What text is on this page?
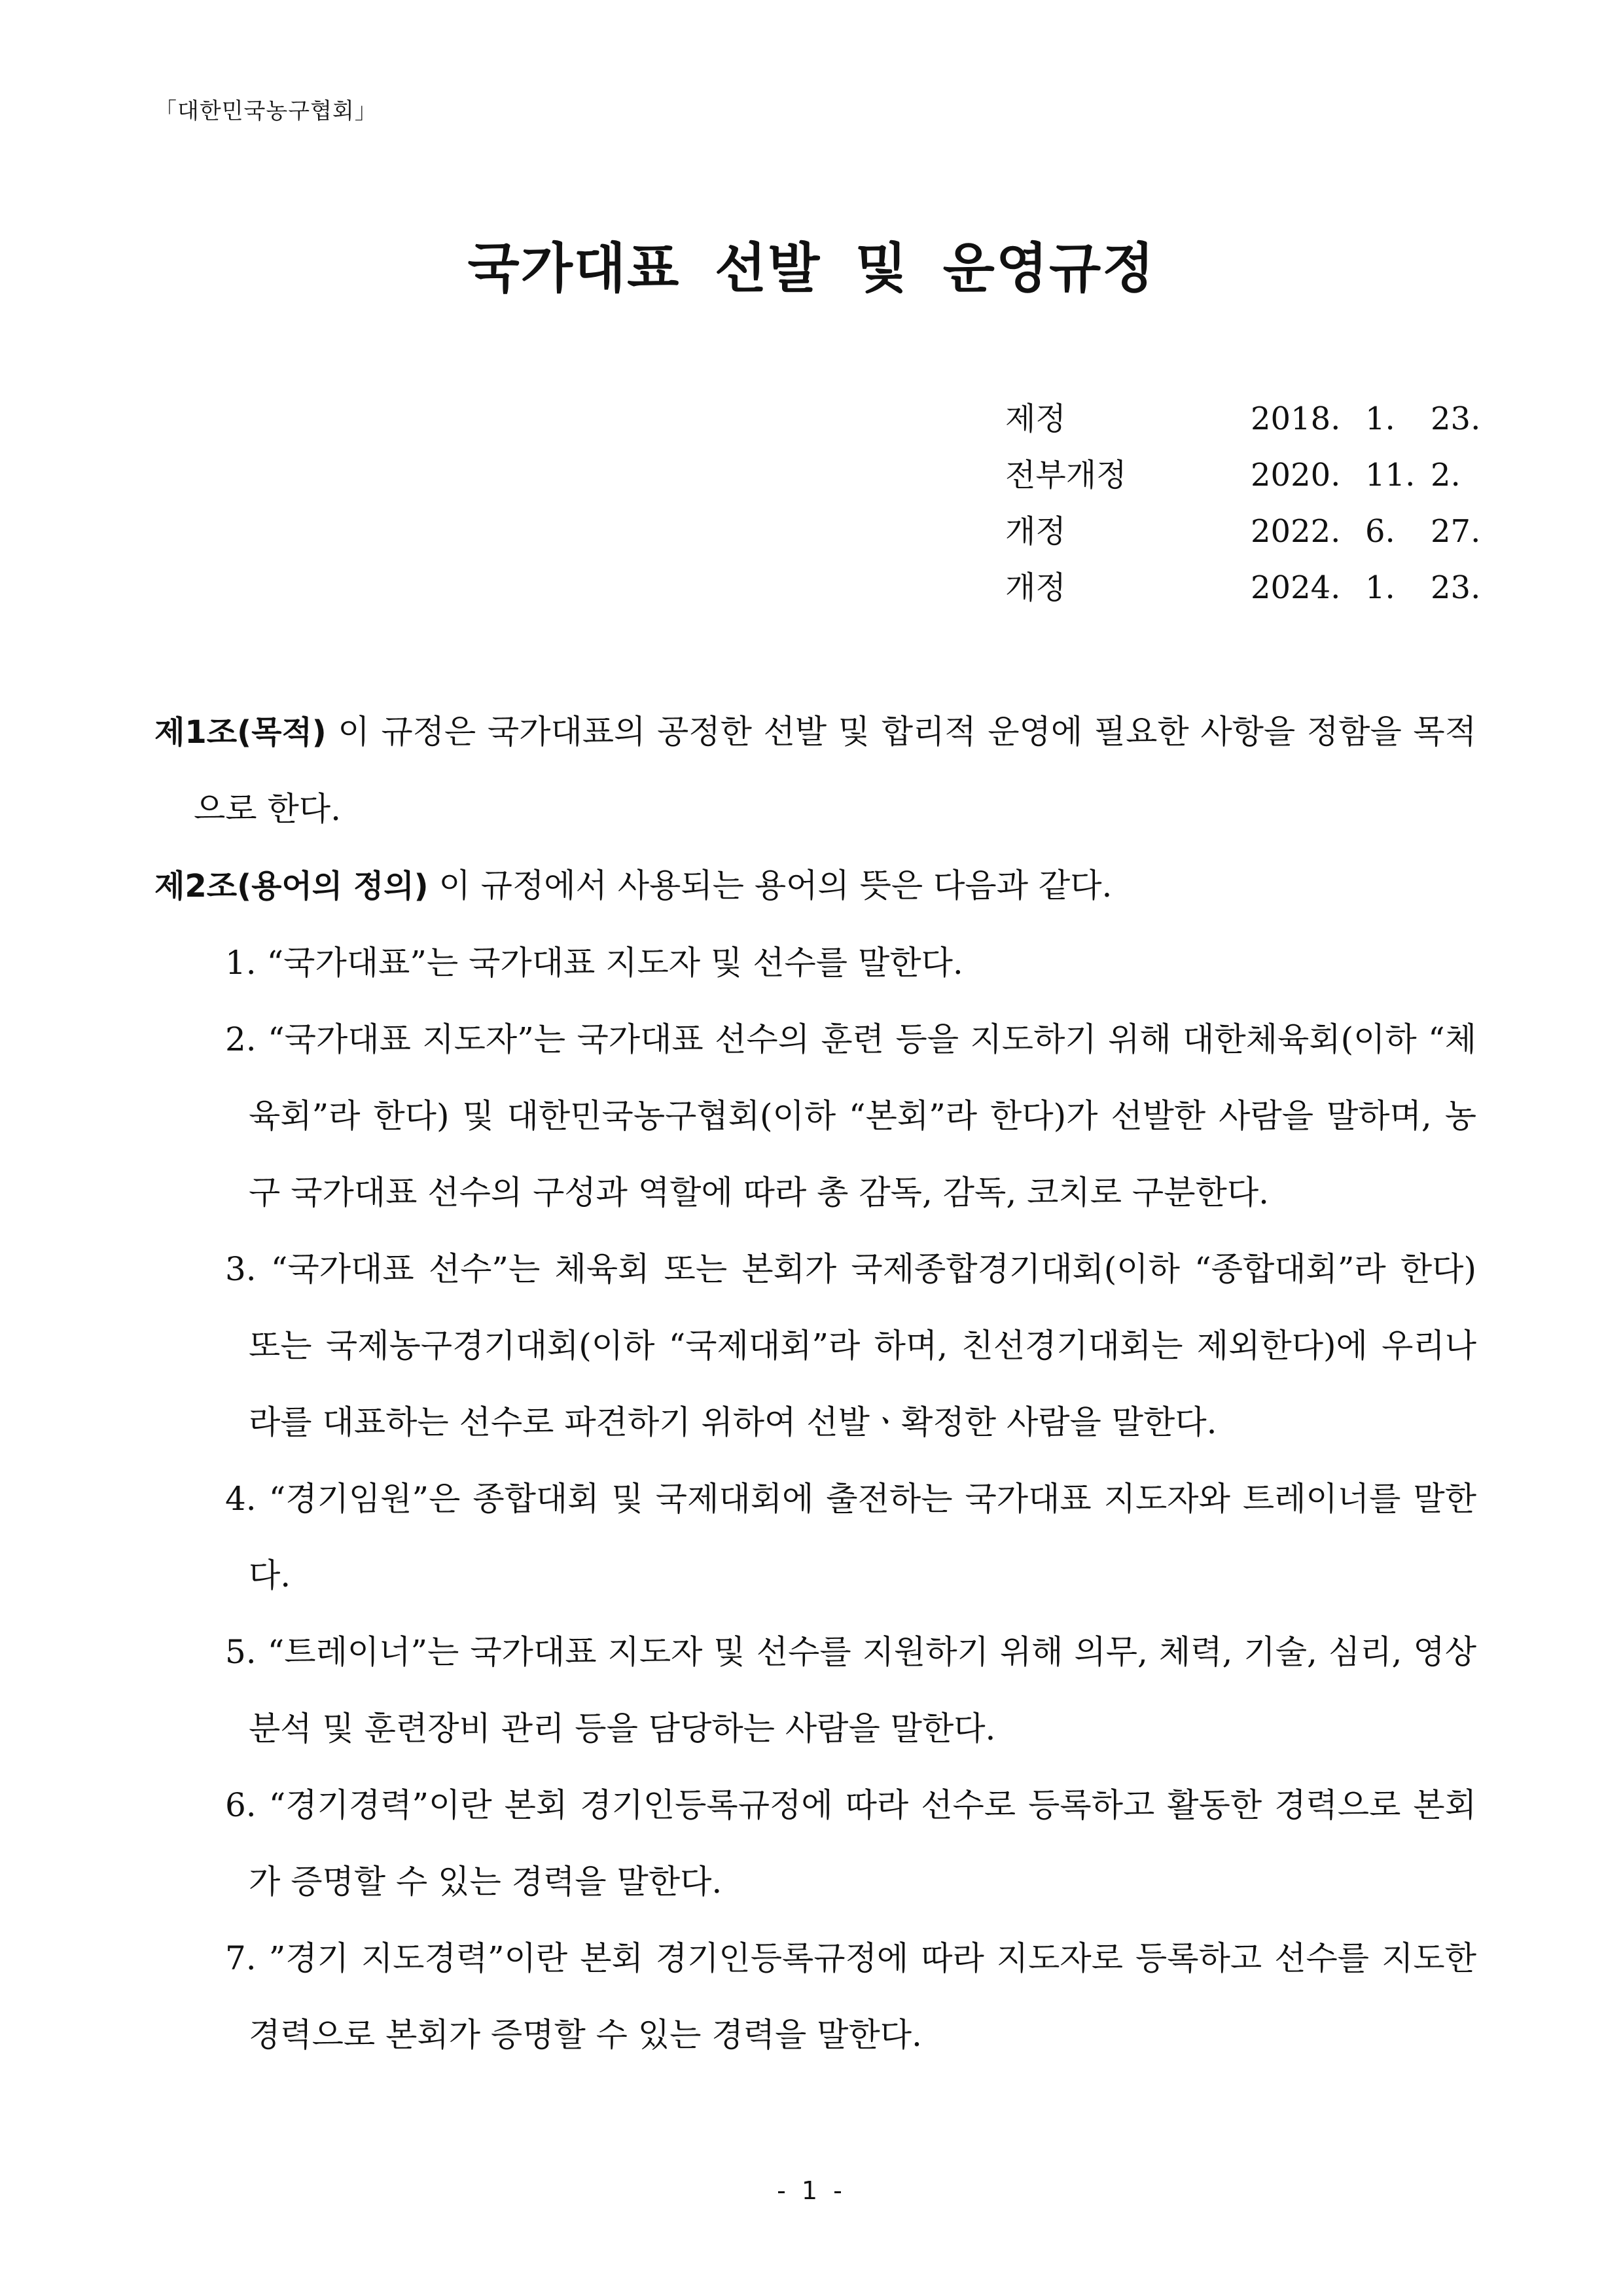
「대한민국농구협회」
국가대표 선발 및 운영규정
제정	2018. 1.	23.
전부개정	2020. 11. 2.
개정	2022. 6.	27.
개정	2024. 1.	23.
제1조(목적) 이 규정은 국가대표의 공정한 선발 및 합리적 운영에 필요한 사항을 정함을 목적으로 한다.
제2조(용어의 정의) 이 규정에서 사용되는 용어의 뜻은 다음과 같다.
1. “국가대표”는 국가대표 지도자 및 선수를 말한다.
2. “국가대표 지도자”는 국가대표 선수의 훈련 등을 지도하기 위해 대한체육회(이하 “체육회”라 한다) 및 대한민국농구협회(이하 “본회”라 한다)가 선발한 사람을 말하며, 농구 국가대표 선수의 구성과 역할에 따라 총 감독, 감독, 코치로 구분한다.
3. “국가대표 선수”는 체육회 또는 본회가 국제종합경기대회(이하 “종합대회”라 한다) 또는 국제농구경기대회(이하 “국제대회”라 하며, 친선경기대회는 제외한다)에 우리나라를 대표하는 선수로 파견하기 위하여 선발ㆍ확정한 사람을 말한다.
4. “경기임원”은 종합대회 및 국제대회에 출전하는 국가대표 지도자와 트레이너를 말한다.
5. “트레이너”는 국가대표 지도자 및 선수를 지원하기 위해 의무, 체력, 기술, 심리, 영상분석 및 훈련장비 관리 등을 담당하는 사람을 말한다.
6. “경기경력”이란 본회 경기인등록규정에 따라 선수로 등록하고 활동한 경력으로 본회가 증명할 수 있는 경력을 말한다.
7. ”경기 지도경력”이란 본회 경기인등록규정에 따라 지도자로 등록하고 선수를 지도한 경력으로 본회가 증명할 수 있는 경력을 말한다.
- 1 -
